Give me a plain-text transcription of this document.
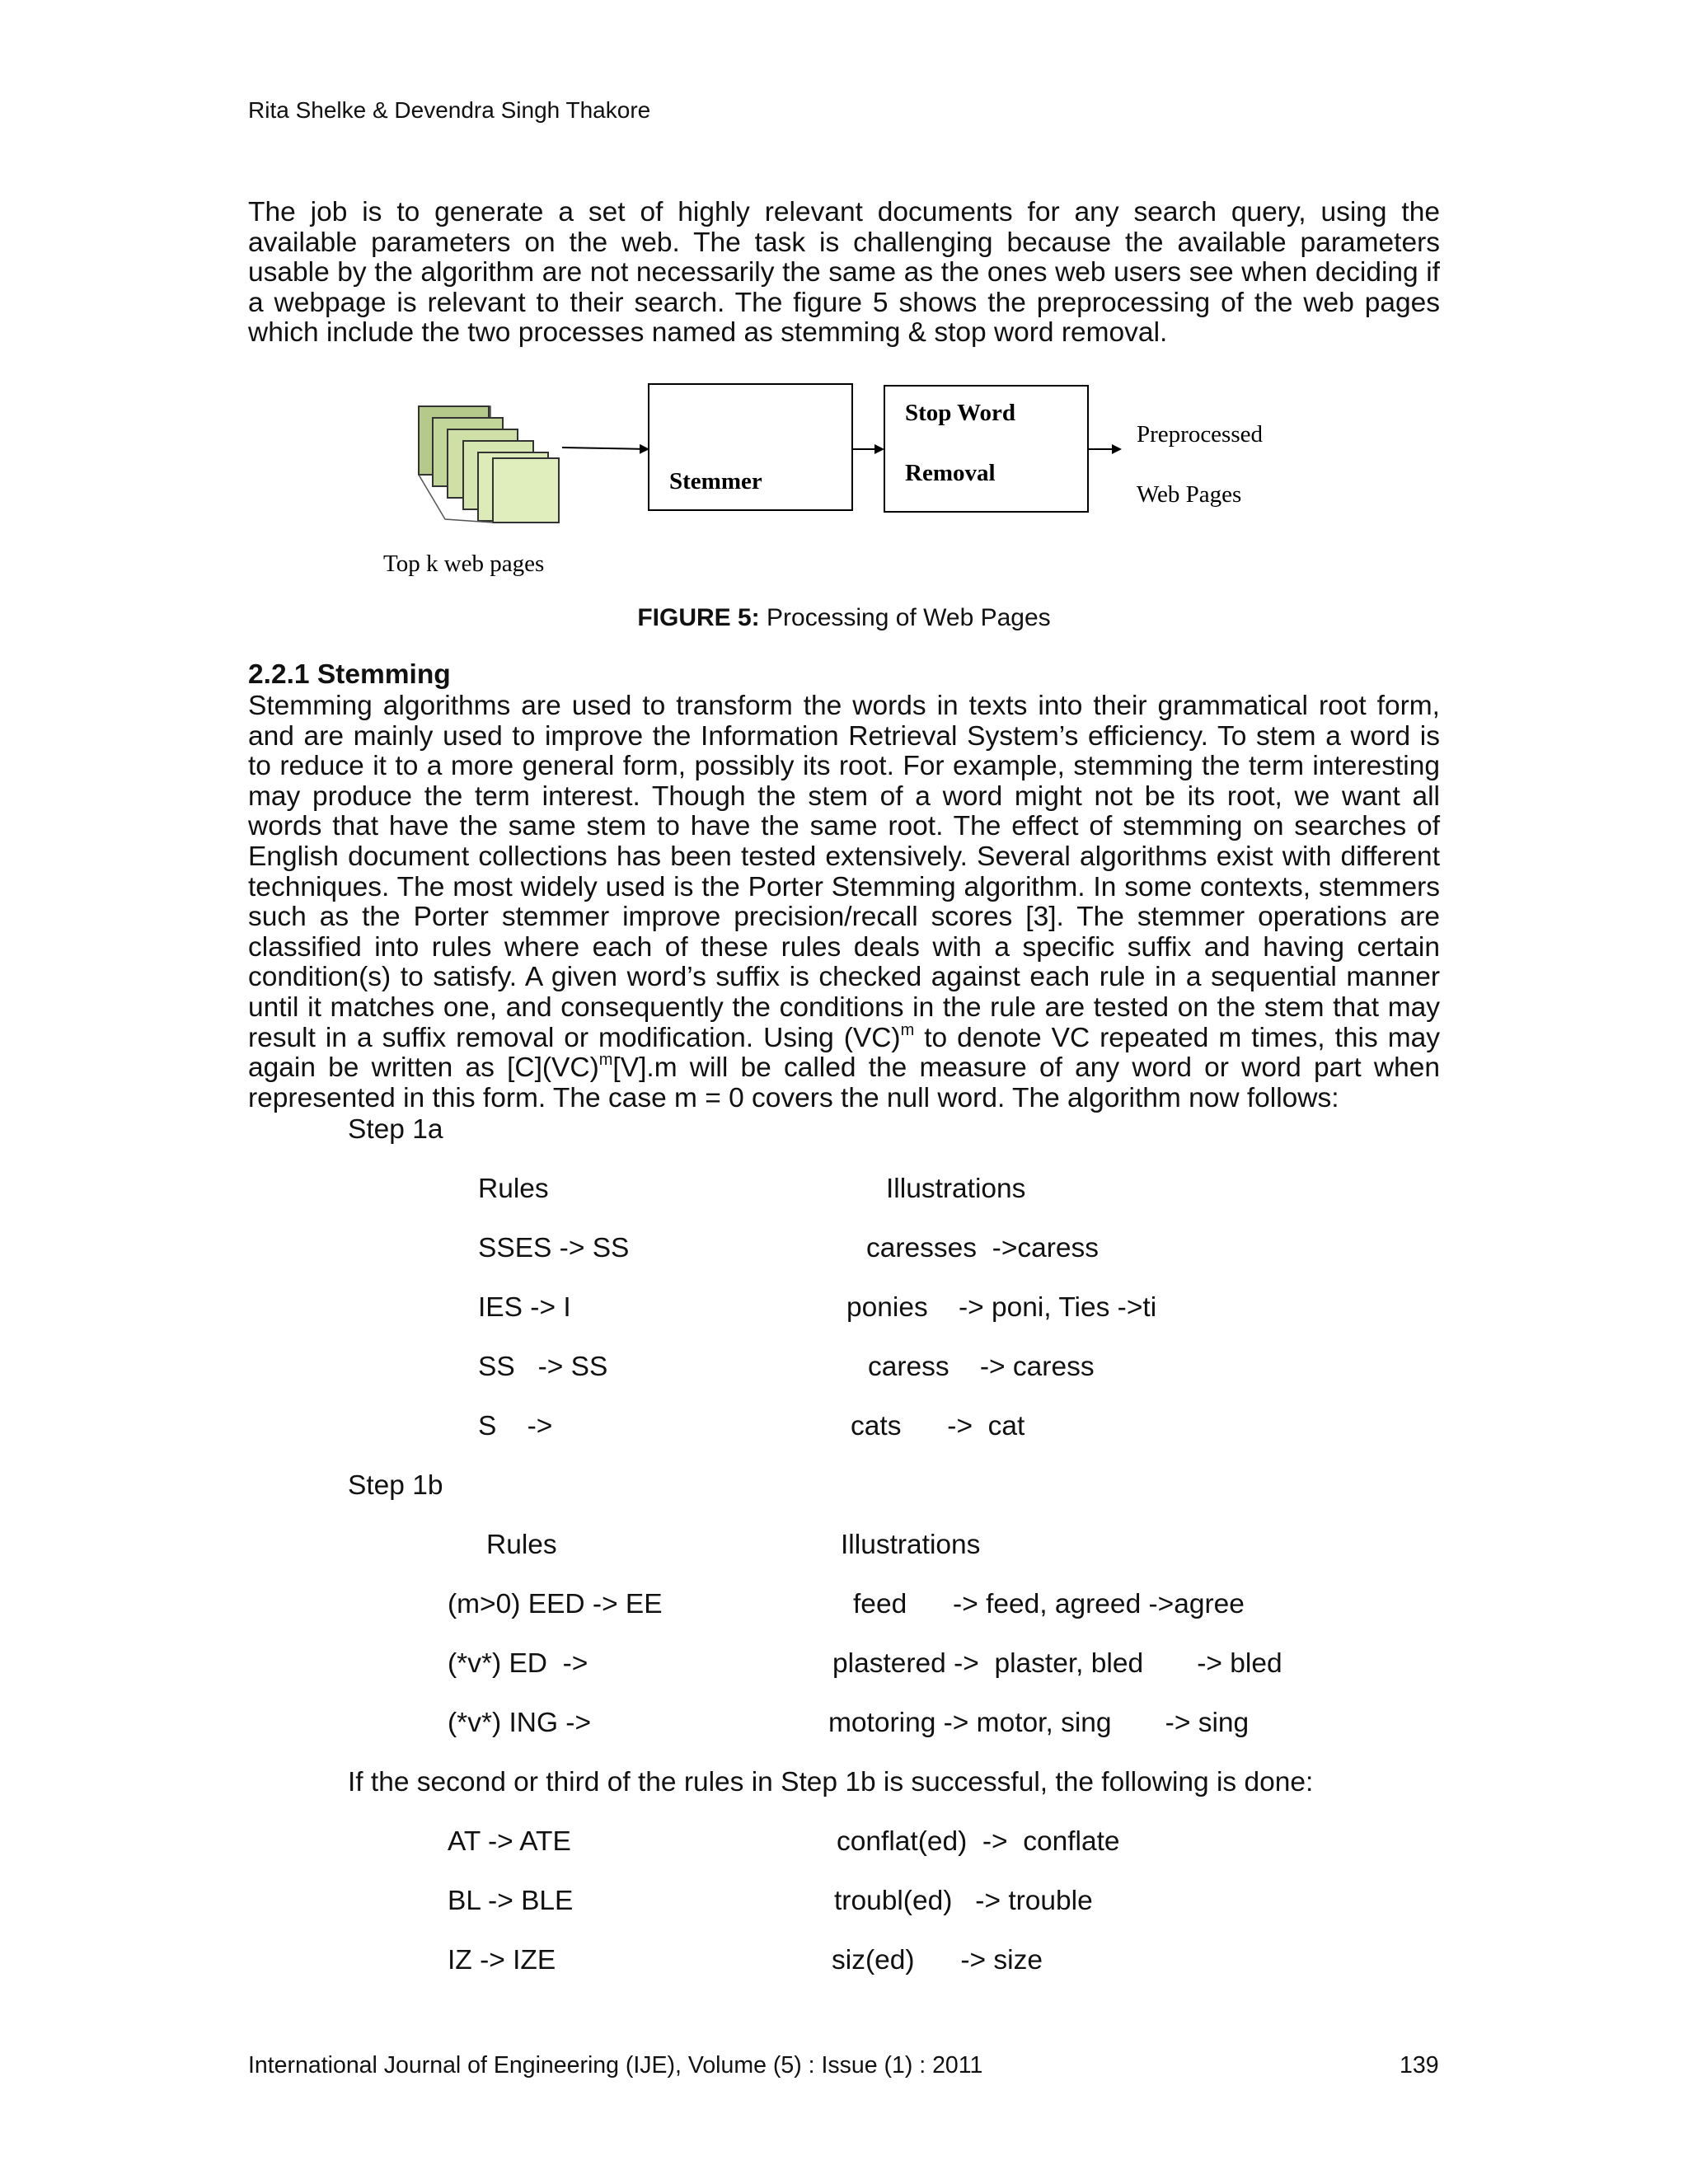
Rita Shelke & Devendra Singh Thakore

The job is to generate a set of highly relevant documents for any search query, using the available parameters on the web. The task is challenging because the available parameters usable by the algorithm are not necessarily the same as the ones web users see when deciding if a webpage is relevant to their search. The figure 5 shows the preprocessing of the web pages which include the two processes named as stemming & stop word removal.

Stemmer
Stop Word
Removal
Preprocessed
Web Pages
Top k web pages
FIGURE 5: Processing of Web Pages
2.2.1 Stemming

Stemming algorithms are used to transform the words in texts into their grammatical root form, and are mainly used to improve the Information Retrieval System’s efficiency. To stem a word is to reduce it to a more general form, possibly its root. For example, stemming the term interesting may produce the term interest. Though the stem of a word might not be its root, we want all words that have the same stem to have the same root. The effect of stemming on searches of English document collections has been tested extensively. Several algorithms exist with different techniques. The most widely used is the Porter Stemming algorithm. In some contexts, stemmers such as the Porter stemmer improve precision/recall scores [3]. The stemmer operations are classified into rules where each of these rules deals with a specific suffix and having certain condition(s) to satisfy. A given word’s suffix is checked against each rule in a sequential manner until it matches one, and consequently the conditions in the rule are tested on the stem that may result in a suffix removal or modification. Using (VC)$^m$ to denote VC repeated m times, this may again be written as [C](VC)$^m$[V].m will be called the measure of any word or word part when represented in this form. The case m = 0 covers the null word. The algorithm now follows:

Step 1a
Rules	Illustrations
SSES -> SS	caresses  ->caress
IES -> I	ponies    -> poni, Ties ->ti
SS   -> SS	caress    -> caress
S    ->	cats      ->  cat
Step 1b
Rules	Illustrations
(m>0) EED -> EE	feed      -> feed, agreed ->agree
(*v*) ED  ->	plastered ->  plaster, bled       -> bled
(*v*) ING ->	motoring -> motor, sing       -> sing
If the second or third of the rules in Step 1b is successful, the following is done:
AT -> ATE	conflat(ed)  ->  conflate
BL -> BLE	troubl(ed)   -> trouble
IZ -> IZE	siz(ed)      -> size
International Journal of Engineering (IJE), Volume (5) : Issue (1) : 2011	139
